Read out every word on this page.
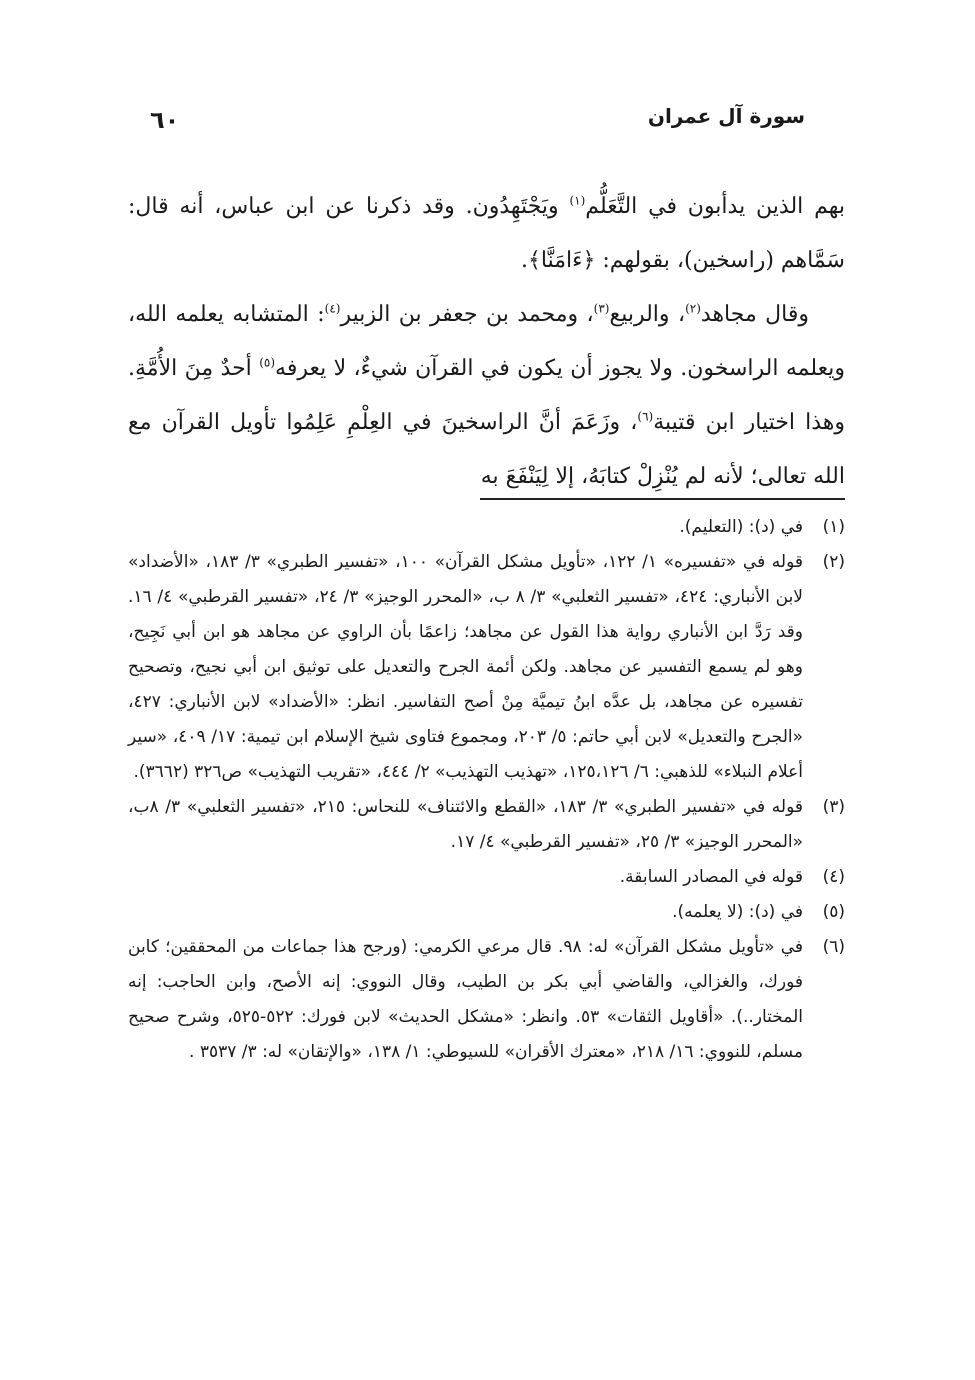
سورة آل عمران
٦٠

بهم الذين يدأبون في التَّعَلُّم$^{(١)}$ ويَجْتَهِدُون. وقد ذكرنا عن ابن عباس، أنه قال: سَمَّاهم (راسخين)، بقولهم: ﴿ءَامَنَّا﴾.

وقال مجاهد$^{(٢)}$، والربيع$^{(٣)}$، ومحمد بن جعفر بن الزبير$^{(٤)}$: المتشابه يعلمه الله، ويعلمه الراسخون. ولا يجوز أن يكون في القرآن شيءٌ، لا يعرفه$^{(٥)}$ أحدٌ مِنَ الأُمَّةِ. وهذا اختيار ابن قتيبة$^{(٦)}$، وزَعَمَ أنَّ الراسخينَ في العِلْمِ عَلِمُوا تأويل القرآن مع الله تعالى؛ لأنه لم يُنْزِلْ كتابَهُ، إلا لِيَنْفَعَ به

(١)
في (د): (التعليم).
(٢)
قوله في «تفسيره» ١/ ١٢٢، «تأويل مشكل القرآن» ١٠٠، «تفسير الطبري» ٣/ ١٨٣، «الأضداد» لابن الأنباري: ٤٢٤، «تفسير الثعلبي» ٣/ ٨ ب، «المحرر الوجيز» ٣/ ٢٤، «تفسير القرطبي» ٤/ ١٦. وقد رَدَّ ابن الأنباري رواية هذا القول عن مجاهد؛ زاعمًا بأن الراوي عن مجاهد هو ابن أبي نَجِيح، وهو لم يسمع التفسير عن مجاهد. ولكن أئمة الجرح والتعديل على توثيق ابن أبي نجيح، وتصحيح تفسيره عن مجاهد، بل عدَّه ابنُ تيميَّة مِنْ أصح التفاسير. انظر: «الأضداد» لابن الأنباري: ٤٢٧، «الجرح والتعديل» لابن أبي حاتم: ٥/ ٢٠٣، ومجموع فتاوى شيخ الإسلام ابن تيمية: ١٧/ ٤٠٩، «سير أعلام النبلاء» للذهبي: ٦/ ١٢٥،١٢٦، «تهذيب التهذيب» ٢/ ٤٤٤، «تقريب التهذيب» ص٣٢٦ (٣٦٦٢).
(٣)
قوله في «تفسير الطبري» ٣/ ١٨٣، «القطع والائتناف» للنحاس: ٢١٥، «تفسير الثعلبي» ٣/ ٨ب، «المحرر الوجيز» ٣/ ٢٥، «تفسير القرطبي» ٤/ ١٧.
(٤)
قوله في المصادر السابقة.
(٥)
في (د): (لا يعلمه).
(٦)
في «تأويل مشكل القرآن» له: ٩٨. قال مرعي الكرمي: (ورجح هذا جماعات من المحققين؛ كابن فورك، والغزالي، والقاضي أبي بكر بن الطيب، وقال النووي: إنه الأصح، وابن الحاجب: إنه المختار..). «أقاويل الثقات» ٥٣. وانظر: «مشكل الحديث» لابن فورك: ٥٢٢-٥٢٥، وشرح صحيح مسلم، للنووي: ١٦/ ٢١٨، «معترك الأقران» للسيوطي: ١/ ١٣٨، «والإتقان» له: ٣/ ٣٥٣٧ .
